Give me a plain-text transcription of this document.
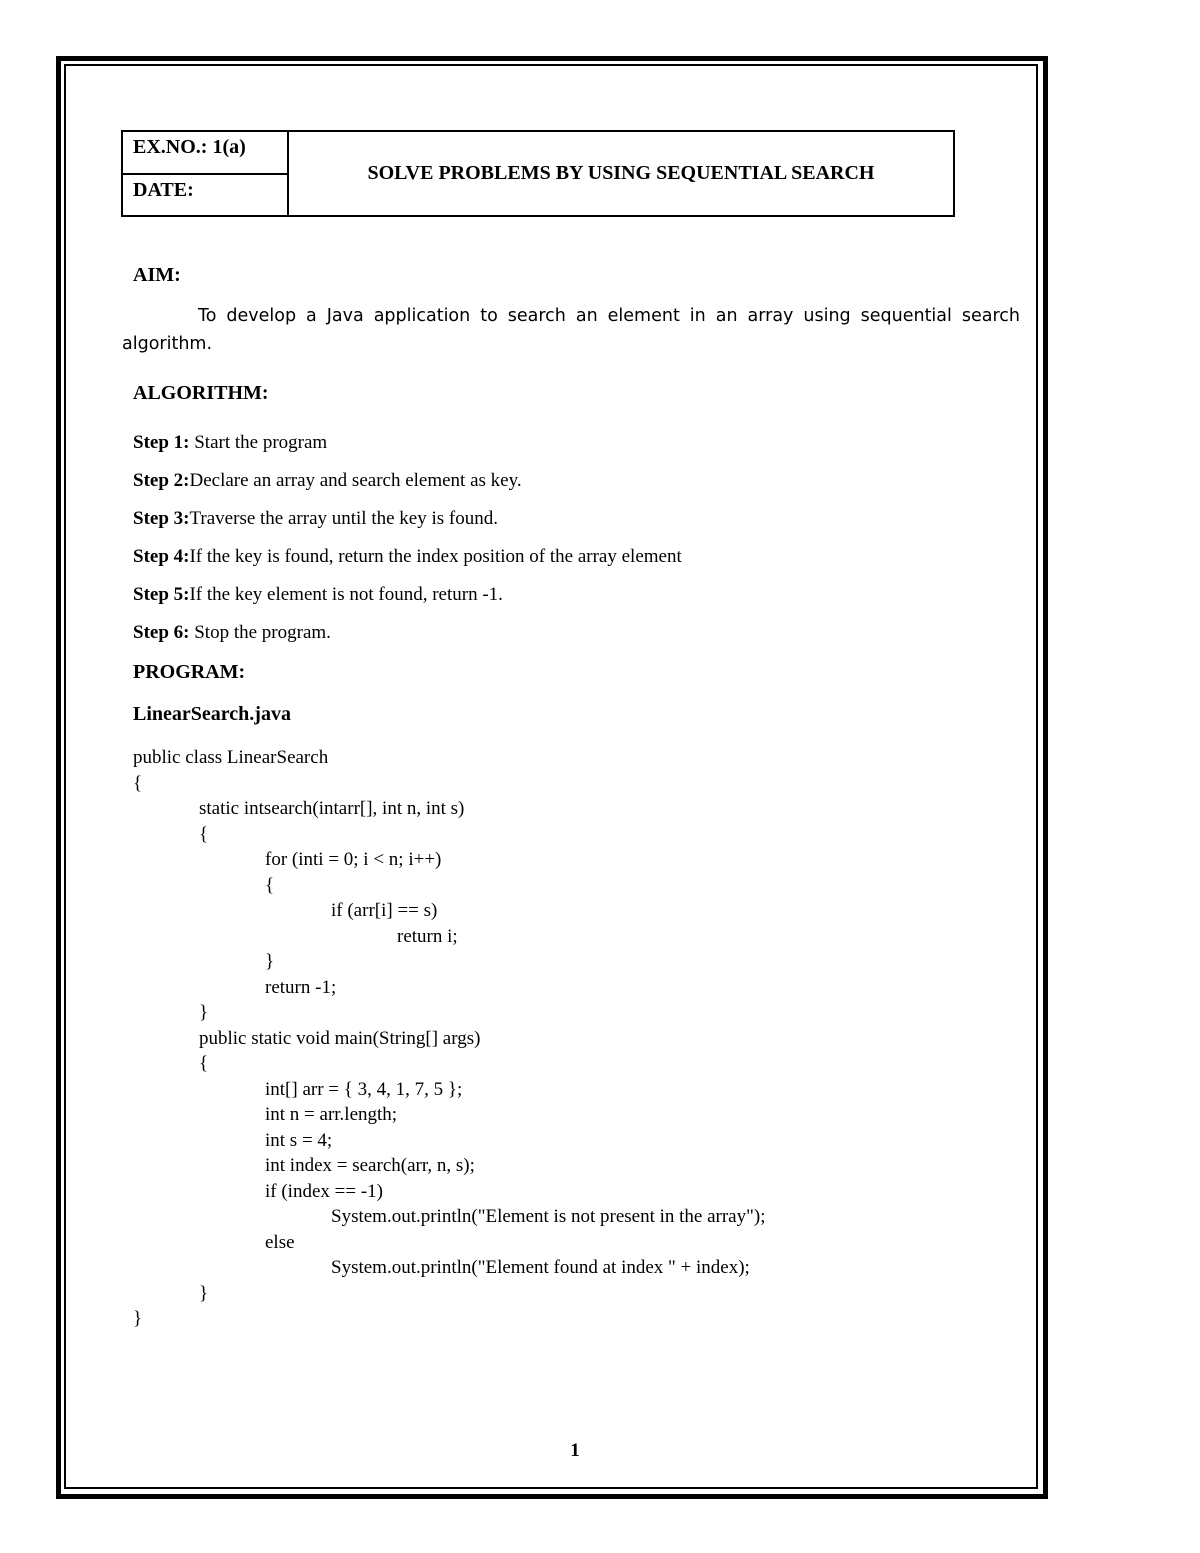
EX.NO.: 1(a)
DATE:
SOLVE PROBLEMS BY USING SEQUENTIAL SEARCH
AIM:
To develop a Java application to search an element in an array using sequential search algorithm.
ALGORITHM:
Step 1: Start the program
Step 2:Declare an array and search element as key.
Step 3:Traverse the array until the key is found.
Step 4:If the key is found, return the index position of the array element
Step 5:If the key element is not found, return -1.
Step 6: Stop the program.
PROGRAM:
LinearSearch.java
public class LinearSearch
{
static intsearch(intarr[], int n, int s)
{
for (inti = 0; i < n; i++)
{
if (arr[i] == s)
return i;
}
return -1;
}
public static void main(String[] args)
{
int[] arr = { 3, 4, 1, 7, 5 };
int n = arr.length;
int s = 4;
int index = search(arr, n, s);
if (index == -1)
System.out.println("Element is not present in the array");
else
System.out.println("Element found at index " + index);
}
}
1
